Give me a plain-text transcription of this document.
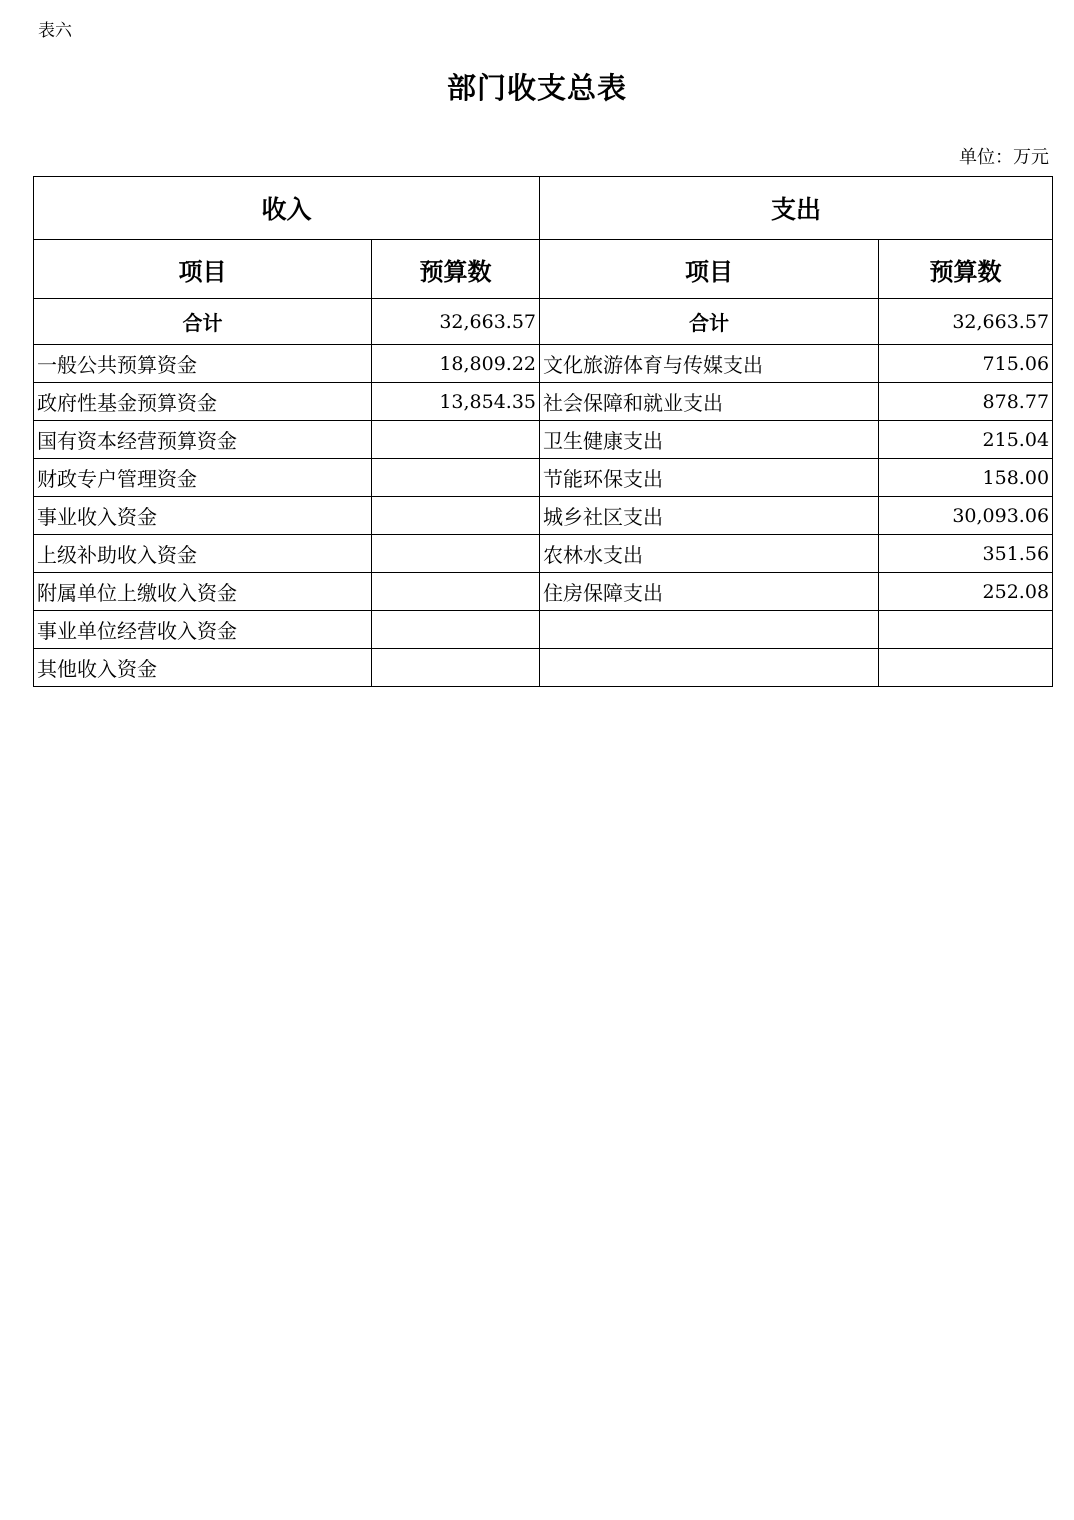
表六
部门收支总表
单位：万元
收入		支出	
项目	预算数	项目	预算数
合计	32,663.57	合计	32,663.57
一般公共预算资金	18,809.22	文化旅游体育与传媒支出	715.06
政府性基金预算资金	13,854.35	社会保障和就业支出	878.77
国有资本经营预算资金		卫生健康支出	215.04
财政专户管理资金		节能环保支出	158.00
事业收入资金		城乡社区支出	30,093.06
上级补助收入资金		农林水支出	351.56
附属单位上缴收入资金		住房保障支出	252.08
事业单位经营收入资金			
其他收入资金			
